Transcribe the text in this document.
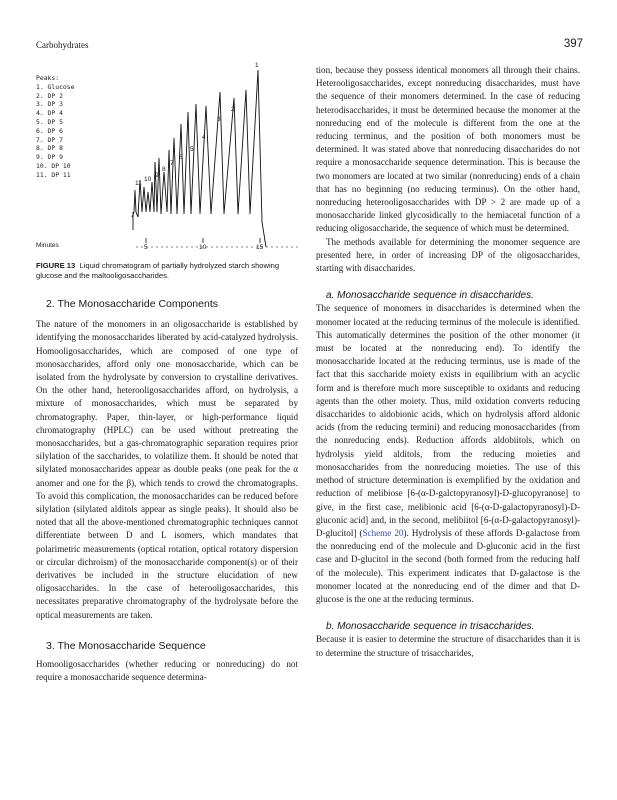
Carbohydrates	397
Peaks:
1. Glucose
2. DP 2
3. DP 3
4. DP 4
5. DP 5
6. DP 6
7. DP 7
8. DP 8
9. DP 9
10. DP 10
11. DP 11
1
2
3
4
5
6
7
8
9
10
11
Minutes	5	10	15
FIGURE 13 Liquid chromatogram of partially hydrolyzed starch showing glucose and the maltooligosaccharides.

2. The Monosaccharide Components

The nature of the monomers in an oligosaccharide is established by identifying the monosaccharides liberated by acid-catalyzed hydrolysis. Homooligosaccharides, which are composed of one type of monosaccharides, afford only one monosaccharide, which can be isolated from the hydrolysate by conversion to crystalline derivatives. On the other hand, heterooligosaccharides afford, on hydrolysis, a mixture of monosaccharides, which must be separated by chromatography. Paper, thin-layer, or high-performance liquid chromatography (HPLC) can be used without pretreating the monosaccharides, but a gas-chromatographic separation requires prior silylation of the saccharides, to volatilize them. It should be noted that silylated monosaccharides appear as double peaks (one peak for the α anomer and one for the β), which tends to crowd the chromatographs. To avoid this complication, the monosaccharides can be reduced before silylation (silylated alditols appear as single peaks). It should also be noted that all the above-mentioned chromatographic techniques cannot differentiate between D and L isomers, which mandates that polarimetric measurements (optical rotation, optical rotatory dispersion or circular dichroism) of the monosaccharide component(s) or of their derivatives be included in the structure elucidation of new oligosaccharides. In the case of heterooligosaccharides, this necessitates preparative chromatography of the hydrolysate before the optical measurements are taken.

3. The Monosaccharide Sequence

Homooligosaccharides (whether reducing or nonreducing) do not require a monosaccharide sequence determina-

tion, because they possess identical monomers all through their chains. Heterooligosaccharides, except nonreducing disaccharides, must have the sequence of their monomers determined. In the case of reducing heterodisaccharides, it must be determined because the monomer at the nonreducing end of the molecule is different from the one at the reducing terminus, and the position of both monomers must be determined. It was stated above that nonreducing disaccharides do not require a monosaccharide sequence determination. This is because the two monomers are located at two similar (nonreducing) ends of a chain that has no beginning (no reducing terminus). On the other hand, nonreducing heterooligosaccharides with DP > 2 are made up of a monosaccharide linked glycosidically to the hemiacetal function of a reducing oligosaccharide, the sequence of which must be determined.

The methods available for determining the monomer sequence are presented here, in order of increasing DP of the oligosaccharides, starting with disaccharides.

a. Monosaccharide sequence in disaccharides.

The sequence of monomers in disaccharides is determined when the monomer located at the reducing terminus of the molecule is identified. This automatically determines the position of the other monomer (it must be located at the nonreducing end). To identify the monosaccharide located at the reducing terminus, use is made of the fact that this saccharide moiety exists in equilibrium with an acyclic form and is therefore much more susceptible to oxidants and reducing agents than the other moiety. Thus, mild oxidation converts reducing disaccharides to aldobionic acids, which on hydrolysis afford aldonic acids (from the reducing termini) and reducing monosaccharides (from the nonreducing ends). Reduction affords aldobiitols, which on hydrolysis yield alditols, from the reducing moieties and monosaccharides from the nonreducing moieties. The use of this method of structure determination is exemplified by the oxidation and reduction of melibiose [6-(α-D-galctopyranosyl)-D-glucopyranose] to give, in the first case, melibionic acid [6-(α-D-galactopyranosyl)-D-gluconic acid] and, in the second, melibiitol [6-(α-D-galactopyranosyl)-D-glucitol] (Scheme 20). Hydrolysis of these affords D-galactose from the nonreducing end of the molecule and D-gluconic acid in the first case and D-glucitol in the second (both formed from the reducing half of the molecule). This experiment indicates that D-galactose is the monomer located at the nonreducing end of the dimer and that D-glucose is the one at the reducing terminus.

b. Monosaccharide sequence in trisaccharides.

Because it is easier to determine the structure of disaccharides than it is to determine the structure of trisaccharides,
